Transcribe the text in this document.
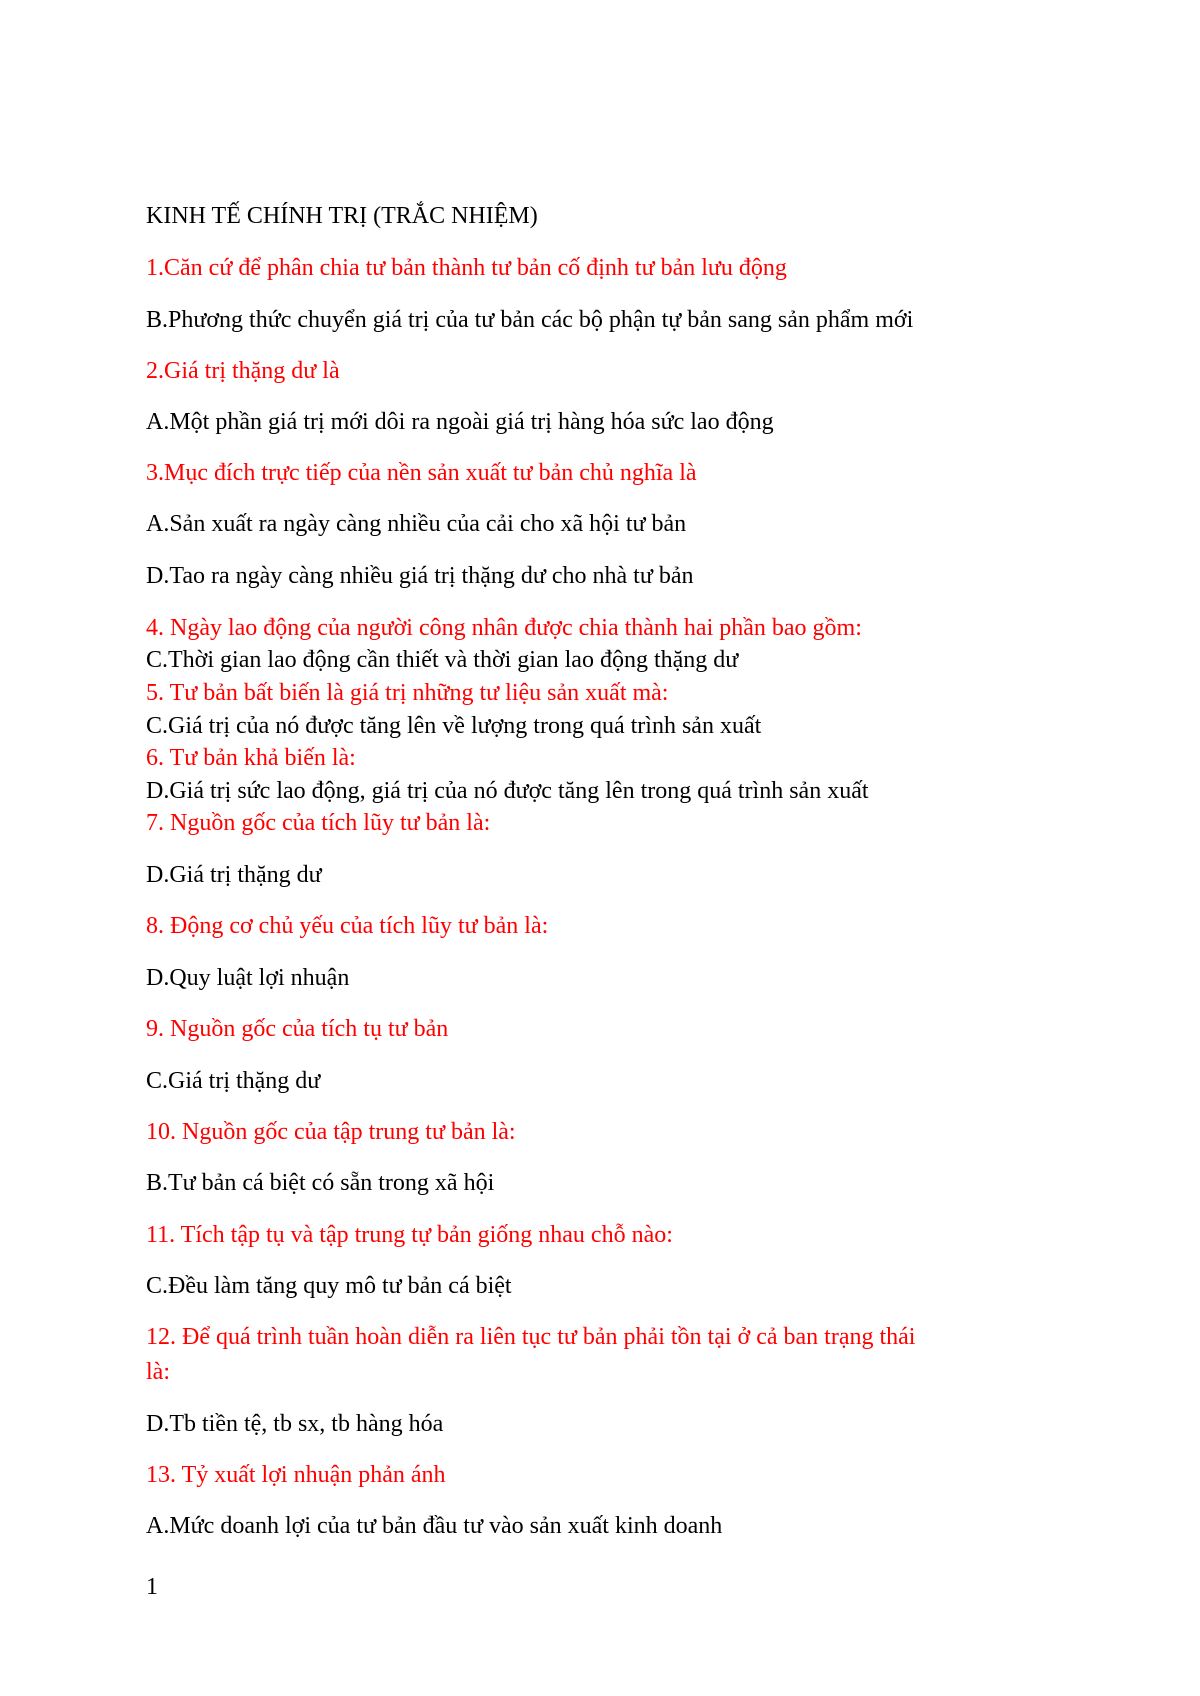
KINH TẾ CHÍNH TRỊ (TRẮC NHIỆM)

1.Căn cứ để phân chia tư bản thành tư bản cố định tư bản lưu động

B.Phương thức chuyển giá trị của tư bản các bộ phận tự bản sang sản phẩm mới

2.Giá trị thặng dư là

A.Một phần giá trị mới dôi ra ngoài giá trị hàng hóa sức lao động

3.Mục đích trực tiếp của nền sản xuất tư bản chủ nghĩa là

A.Sản xuất ra ngày càng nhiều của cải cho xã hội tư bản

D.Tao ra ngày càng nhiều giá trị thặng dư cho nhà tư bản

4. Ngày lao động của người công nhân được chia thành hai phần bao gồm:

C.Thời gian lao động cần thiết và thời gian lao động thặng dư

5. Tư bản bất biến là giá trị những tư liệu sản xuất mà:

C.Giá trị của nó được tăng lên về lượng trong quá trình sản xuất

6. Tư bản khả biến là:

D.Giá trị sức lao động, giá trị của nó được tăng lên trong quá trình sản xuất

7. Nguồn gốc của tích lũy tư bản là:

D.Giá trị thặng dư

8. Động cơ chủ yếu của tích lũy tư bản là:

D.Quy luật lợi nhuận

9. Nguồn gốc của tích tụ tư bản

C.Giá trị thặng dư

10. Nguồn gốc của tập trung tư bản là:

B.Tư bản cá biệt có sẵn trong xã hội

11. Tích tập tụ và tập trung tự bản giống nhau chỗ nào:

C.Đều làm tăng quy mô tư bản cá biệt

12. Để quá trình tuần hoàn diễn ra liên tục tư bản phải tồn tại ở cả ban trạng thái

là:

D.Tb tiền tệ, tb sx, tb hàng hóa

13. Tỷ xuất lợi nhuận phản ánh

A.Mức doanh lợi của tư bản đầu tư vào sản xuất kinh doanh

1
